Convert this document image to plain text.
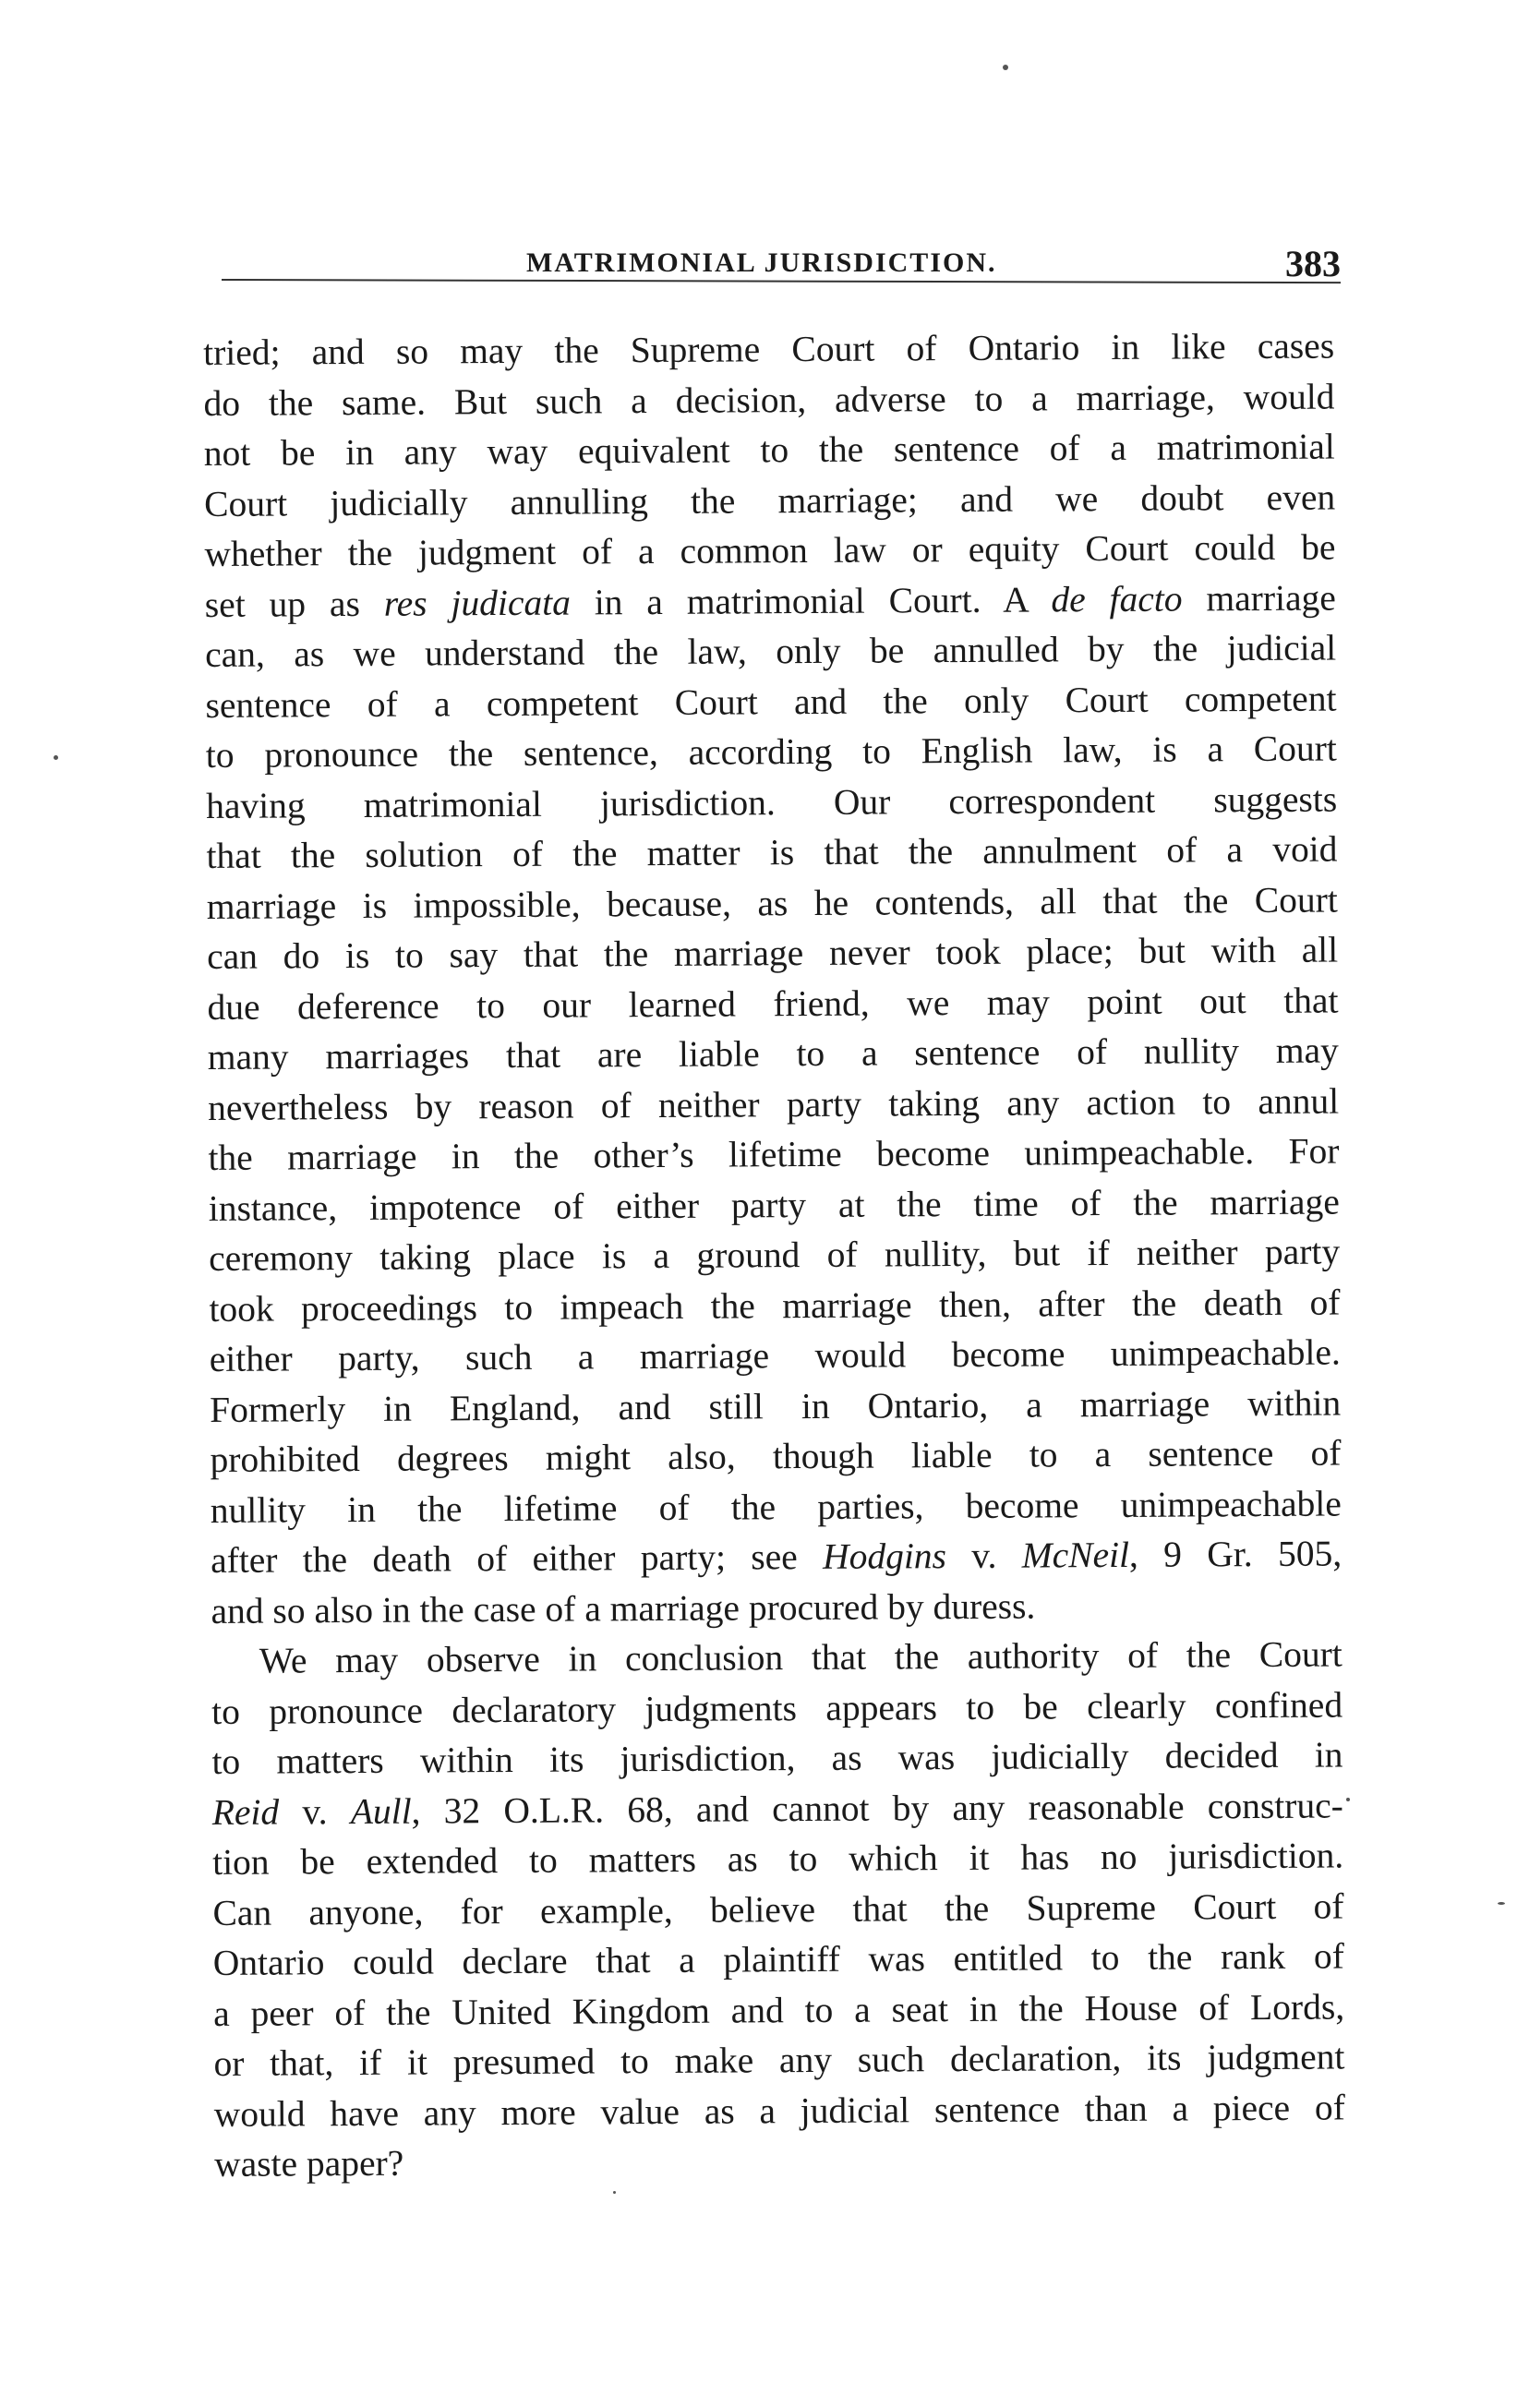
MATRIMONIAL JURISDICTION.	383
tried; and so may the Supreme Court of Ontario in like cases
do the same. But such a decision, adverse to a marriage, would
not be in any way equivalent to the sentence of a matrimonial
Court judicially annulling the marriage; and we doubt even
whether the judgment of a common law or equity Court could be
set up as res judicata in a matrimonial Court. A de facto marriage
can, as we understand the law, only be annulled by the judicial
sentence of a competent Court and the only Court competent
to pronounce the sentence, according to English law, is a Court
having matrimonial jurisdiction. Our correspondent suggests
that the solution of the matter is that the annulment of a void
marriage is impossible, because, as he contends, all that the Court
can do is to say that the marriage never took place; but with all
due deference to our learned friend, we may point out that
many marriages that are liable to a sentence of nullity may
nevertheless by reason of neither party taking any action to annul
the marriage in the other’s lifetime become unimpeachable. For
instance, impotence of either party at the time of the marriage
ceremony taking place is a ground of nullity, but if neither party
took proceedings to impeach the marriage then, after the death of
either party, such a marriage would become unimpeachable.
Formerly in England, and still in Ontario, a marriage within
prohibited degrees might also, though liable to a sentence of
nullity in the lifetime of the parties, become unimpeachable
after the death of either party; see Hodgins v. McNeil, 9 Gr. 505,
and so also in the case of a marriage procured by duress.
We may observe in conclusion that the authority of the Court
to pronounce declaratory judgments appears to be clearly confined
to matters within its jurisdiction, as was judicially decided in
Reid v. Aull, 32 O.L.R. 68, and cannot by any reasonable construc-
tion be extended to matters as to which it has no jurisdiction.
Can anyone, for example, believe that the Supreme Court of
Ontario could declare that a plaintiff was entitled to the rank of
a peer of the United Kingdom and to a seat in the House of Lords,
or that, if it presumed to make any such declaration, its judgment
would have any more value as a judicial sentence than a piece of
waste paper?
